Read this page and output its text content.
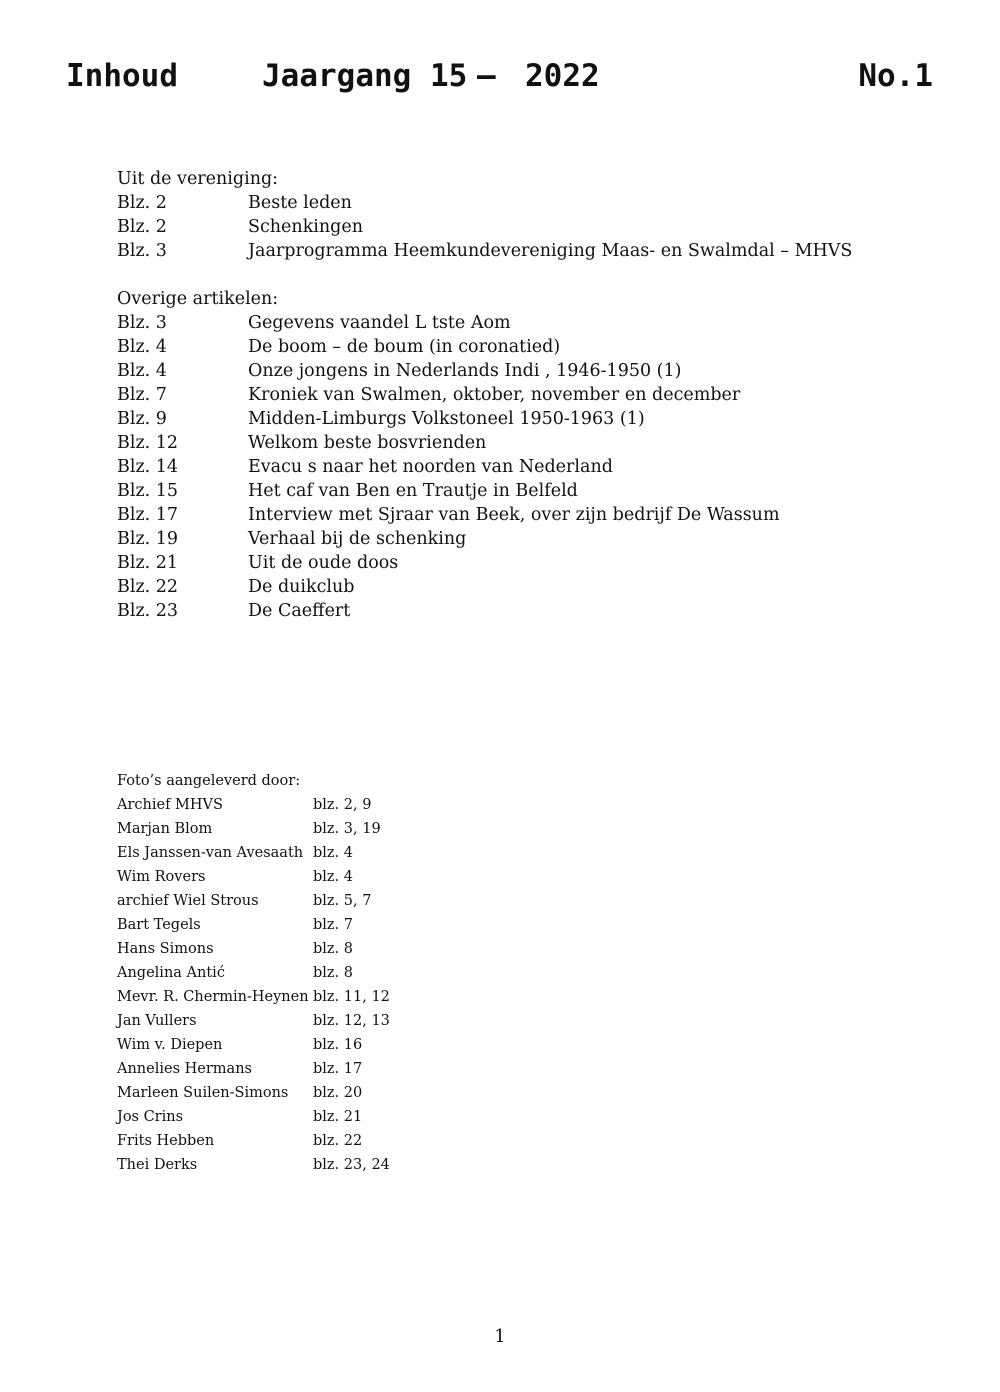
Inhoud	Jaargang 15 – 2022	No.1
Uit de vereniging:
Blz. 2	Beste leden
Blz. 2	Schenkingen
Blz. 3	Jaarprogramma Heemkundevereniging Maas- en Swalmdal – MHVS
Overige artikelen:
Blz. 3	Gegevens vaandel L tste Aom
Blz. 4	De boom – de boum (in coronatied)
Blz. 4	Onze jongens in Nederlands Indi , 1946-1950 (1)
Blz. 7	Kroniek van Swalmen, oktober, november en december
Blz. 9	Midden-Limburgs Volkstoneel 1950-1963 (1)
Blz. 12	Welkom beste bosvrienden
Blz. 14	Evacu s naar het noorden van Nederland
Blz. 15	Het caf van Ben en Trautje in Belfeld
Blz. 17	Interview met Sjraar van Beek, over zijn bedrijf De Wassum
Blz. 19	Verhaal bij de schenking
Blz. 21	Uit de oude doos
Blz. 22	De duikclub
Blz. 23	De Caeffert
Foto’s aangeleverd door:
Archief MHVS	blz. 2, 9
Marjan Blom	blz. 3, 19
Els Janssen-van Avesaath blz. 4
Wim Rovers	blz. 4
archief Wiel Strous	blz. 5, 7
Bart Tegels	blz. 7
Hans Simons	blz. 8
Angelina Antić	blz. 8
Mevr. R. Chermin-Heynen blz. 11, 12
Jan Vullers	blz. 12, 13
Wim v. Diepen	blz. 16
Annelies Hermans	blz. 17
Marleen Suilen-Simons blz. 20
Jos Crins	blz. 21
Frits Hebben	blz. 22
Thei Derks	blz. 23, 24
1
